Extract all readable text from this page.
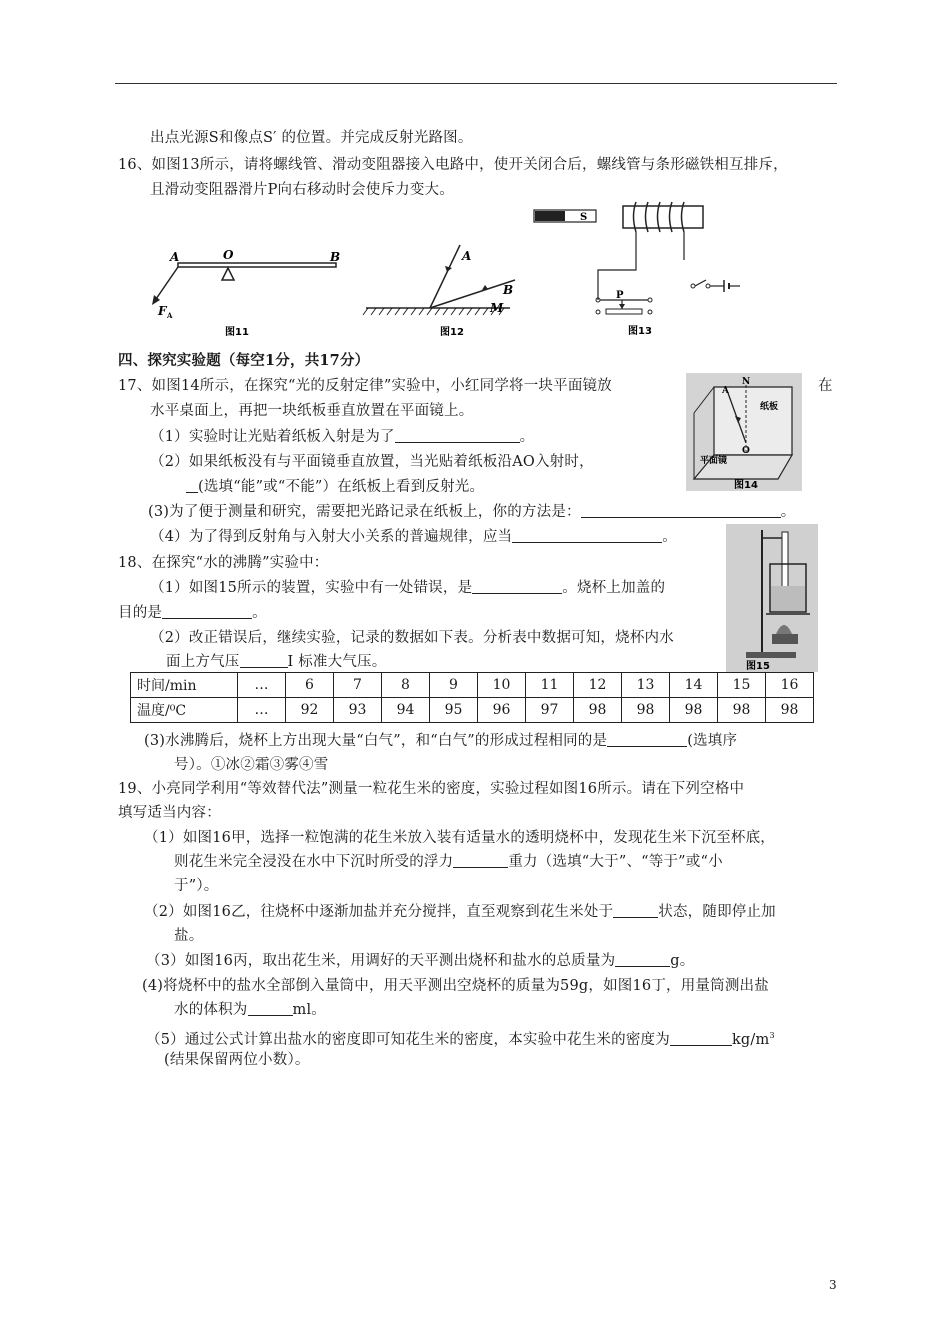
出点光源S和像点S′ 的位置。并完成反射光路图。
16、如图13所示，请将螺线管、滑动变阻器接入电路中，使开关闭合后，螺线管与条形磁铁相互排斥，
且滑动变阻器滑片P向右移动时会使斥力变大。
A	O	B
F A
图11
A
B
M
图12
S
P
图13
四、探究实验题（每空1分，共17分）
17、如图14所示，在探究“光的反射定律”实验中，小红同学将一块平面镜放	在
水平桌面上，再把一块纸板垂直放置在平面镜上。
（1）实验时让光贴着纸板入射是为了	。
（2）如果纸板没有与平面镜垂直放置，当光贴着纸板沿AO入射时，
(选填“能”或“不能”）在纸板上看到反射光。
(3)为了便于测量和研究，需要把光路记录在纸板上，你的方法是：	。
（4）为了得到反射角与入射大小关系的普遍规律，应当	。
A
N
O
纸板
平面镜
图14
18、在探究“水的沸腾”实验中：
（1）如图15所示的装置，实验中有一处错误，是	。烧杯上加盖的
目的是	。
（2）改正错误后，继续实验，记录的数据如下表。分析表中数据可知，烧杯内水
面上方气压	I 标准大气压。	图15
时间/min	…	6	7	8	9	10	11	12	13	14	15	16
温度/⁰C	…	92	93	94	95	96	97	98	98	98	98	98
(3)水沸腾后，烧杯上方出现大量“白气”，和“白气”的形成过程相同的是	(选填序
号）。①冰②霜③雾④雪
19、小亮同学利用“等效替代法”测量一粒花生米的密度，实验过程如图16所示。请在下列空格中
填写适当内容：
（1）如图16甲，选择一粒饱满的花生米放入装有适量水的透明烧杯中，发现花生米下沉至杯底，
则花生米完全浸没在水中下沉时所受的浮力	重力（选填“大于”、“等于”或“小
于”）。
（2）如图16乙，往烧杯中逐渐加盐并充分搅拌，直至观察到花生米处于	状态，随即停止加
盐。
（3）如图16丙，取出花生米，用调好的天平测出烧杯和盐水的总质量为	g。
(4)将烧杯中的盐水全部倒入量筒中，用天平测出空烧杯的质量为59g，如图16丁，用量筒测出盐
水的体积为	ml。
（5）通过公式计算出盐水的密度即可知花生米的密度，本实验中花生米的密度为	$kg/m^3$
(结果保留两位小数）。
3
